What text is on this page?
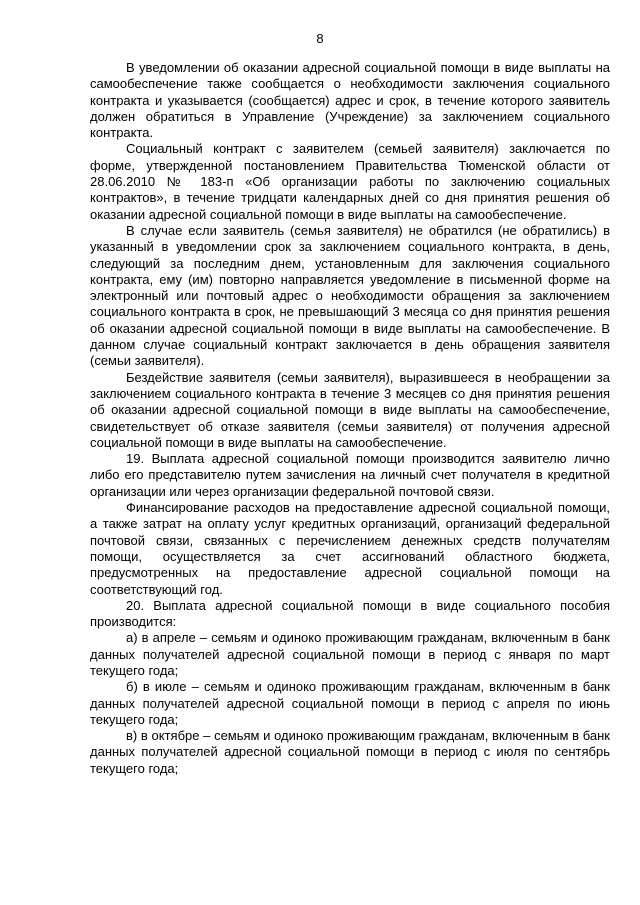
8

В уведомлении об оказании адресной социальной помощи в виде выплаты на самообеспечение также сообщается о необходимости заключения социального контракта и указывается (сообщается) адрес и срок, в течение которого заявитель должен обратиться в Управление (Учреждение) за заключением социального контракта.

Социальный контракт с заявителем (семьей заявителя) заключается по форме, утвержденной постановлением Правительства Тюменской области от 28.06.2010 № 183-п «Об организации работы по заключению социальных контрактов», в течение тридцати календарных дней со дня принятия решения об оказании адресной социальной помощи в виде выплаты на самообеспечение.

В случае если заявитель (семья заявителя) не обратился (не обратились) в указанный в уведомлении срок за заключением социального контракта, в день, следующий за последним днем, установленным для заключения социального контракта, ему (им) повторно направляется уведомление в письменной форме на электронный или почтовый адрес о необходимости обращения за заключением социального контракта в срок, не превышающий 3 месяца со дня принятия решения об оказании адресной социальной помощи в виде выплаты на самообеспечение. В данном случае социальный контракт заключается в день обращения заявителя (семьи заявителя).

Бездействие заявителя (семьи заявителя), выразившееся в необращении за заключением социального контракта в течение 3 месяцев со дня принятия решения об оказании адресной социальной помощи в виде выплаты на самообеспечение, свидетельствует об отказе заявителя (семьи заявителя) от получения адресной социальной помощи в виде выплаты на самообеспечение.

19. Выплата адресной социальной помощи производится заявителю лично либо его представителю путем зачисления на личный счет получателя в кредитной организации или через организации федеральной почтовой связи.

Финансирование расходов на предоставление адресной социальной помощи, а также затрат на оплату услуг кредитных организаций, организаций федеральной почтовой связи, связанных с перечислением денежных средств получателям помощи, осуществляется за счет ассигнований областного бюджета, предусмотренных на предоставление адресной социальной помощи на соответствующий год.

20. Выплата адресной социальной помощи в виде социального пособия производится:

а) в апреле – семьям и одиноко проживающим гражданам, включенным в банк данных получателей адресной социальной помощи в период с января по март текущего года;

б) в июле – семьям и одиноко проживающим гражданам, включенным в банк данных получателей адресной социальной помощи в период с апреля по июнь текущего года;

в) в октябре – семьям и одиноко проживающим гражданам, включенным в банк данных получателей адресной социальной помощи в период с июля по сентябрь текущего года;
